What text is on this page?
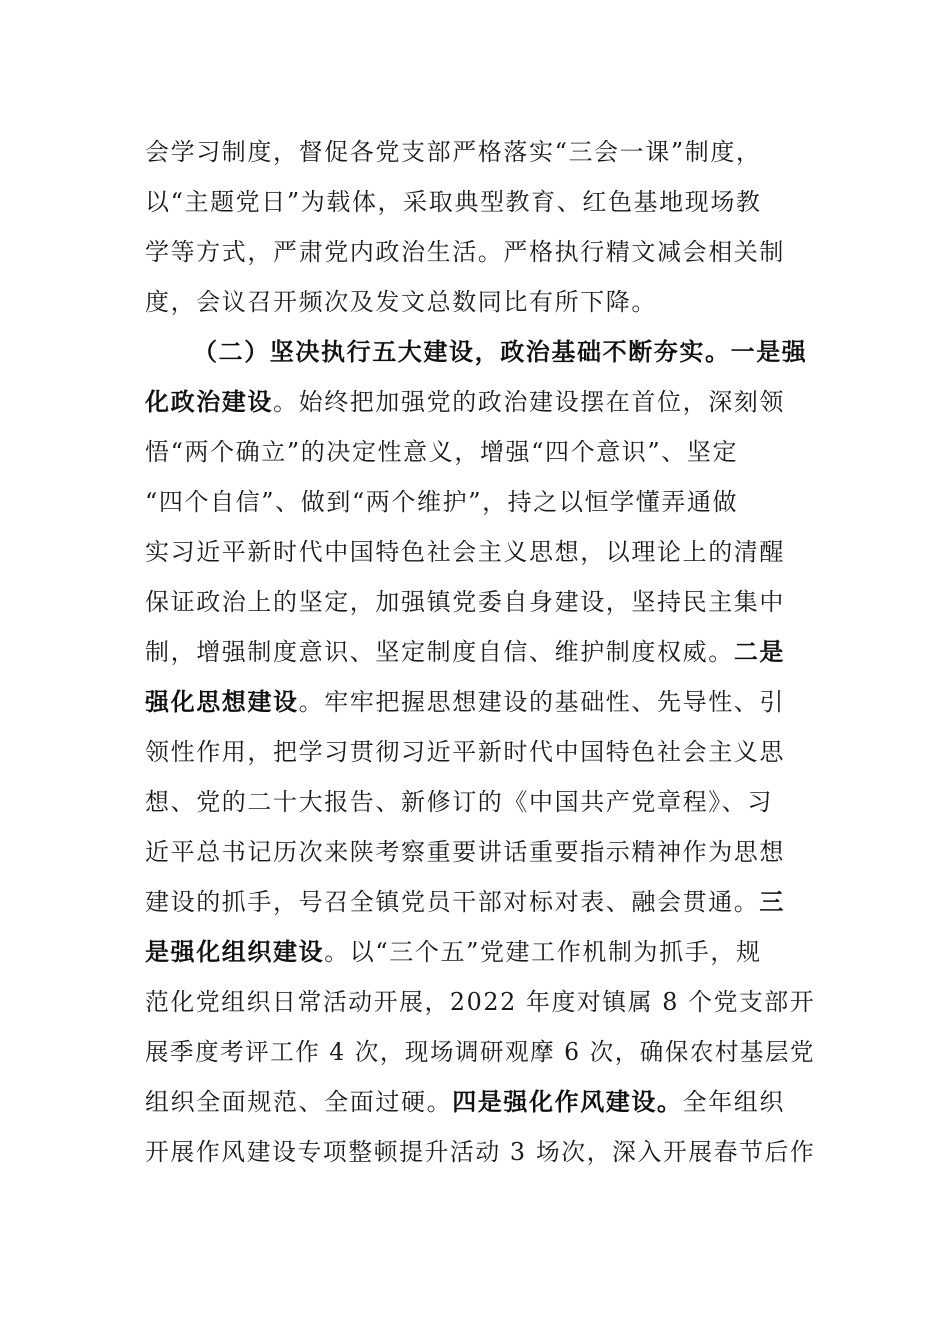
会学习制度，督促各党支部严格落实“三会一课”制度，
以“主题党日”为载体，采取典型教育、红色基地现场教
学等方式，严肃党内政治生活。严格执行精文减会相关制
度，会议召开频次及发文总数同比有所下降。
（二）坚决执行五大建设，政治基础不断夯实。一是强
化政治建设。始终把加强党的政治建设摆在首位，深刻领
悟“两个确立”的决定性意义，增强“四个意识”、坚定
“四个自信”、做到“两个维护”，持之以恒学懂弄通做
实习近平新时代中国特色社会主义思想，以理论上的清醒
保证政治上的坚定，加强镇党委自身建设，坚持民主集中
制，增强制度意识、坚定制度自信、维护制度权威。二是
强化思想建设。牢牢把握思想建设的基础性、先导性、引
领性作用，把学习贯彻习近平新时代中国特色社会主义思
想、党的二十大报告、新修订的《中国共产党章程》、习
近平总书记历次来陕考察重要讲话重要指示精神作为思想
建设的抓手，号召全镇党员干部对标对表、融会贯通。三
是强化组织建设。以“三个五”党建工作机制为抓手，规
范化党组织日常活动开展，2022 年度对镇属 8 个党支部开
展季度考评工作 4 次，现场调研观摩 6 次，确保农村基层党
组织全面规范、全面过硬。四是强化作风建设。全年组织
开展作风建设专项整顿提升活动 3 场次，深入开展春节后作
